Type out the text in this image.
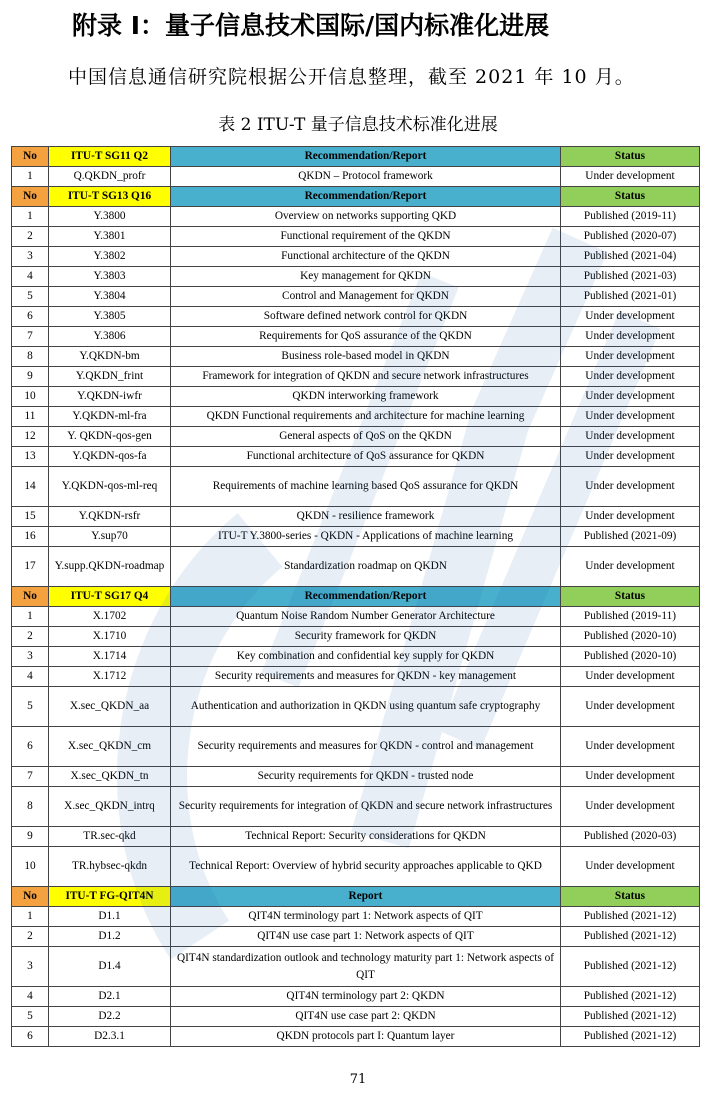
附录 I：量子信息技术国际/国内标准化进展

中国信息通信研究院根据公开信息整理，截至 2021 年 10 月。

表 2 ITU-T 量子信息技术标准化进展
No	ITU-T SG11 Q2	Recommendation/Report	Status
1	Q.QKDN_profr	QKDN – Protocol framework	Under development
No	ITU-T SG13 Q16	Recommendation/Report	Status
1	Y.3800	Overview on networks supporting QKD	Published (2019-11)
2	Y.3801	Functional requirement of the QKDN	Published (2020-07)
3	Y.3802	Functional architecture of the QKDN	Published (2021-04)
4	Y.3803	Key management for QKDN	Published (2021-03)
5	Y.3804	Control and Management for QKDN	Published (2021-01)
6	Y.3805	Software defined network control for QKDN	Under development
7	Y.3806	Requirements for QoS assurance of the QKDN	Under development
8	Y.QKDN-bm	Business role-based model in QKDN	Under development
9	Y.QKDN_frint	Framework for integration of QKDN and secure network infrastructures	Under development
10	Y.QKDN-iwfr	QKDN interworking framework	Under development
11	Y.QKDN-ml-fra	QKDN Functional requirements and architecture for machine learning	Under development
12	Y. QKDN-qos-gen	General aspects of QoS on the QKDN	Under development
13	Y.QKDN-qos-fa	Functional architecture of QoS assurance for QKDN	Under development
14	Y.QKDN-qos-ml-req	Requirements of machine learning based QoS assurance for QKDN	Under development
15	Y.QKDN-rsfr	QKDN - resilience framework	Under development
16	Y.sup70	ITU-T Y.3800-series - QKDN - Applications of machine learning	Published (2021-09)
17	Y.supp.QKDN-roadmap	Standardization roadmap on QKDN	Under development
No	ITU-T SG17 Q4	Recommendation/Report	Status
1	X.1702	Quantum Noise Random Number Generator Architecture	Published (2019-11)
2	X.1710	Security framework for QKDN	Published (2020-10)
3	X.1714	Key combination and confidential key supply for QKDN	Published (2020-10)
4	X.1712	Security requirements and measures for QKDN - key management	Under development
5	X.sec_QKDN_aa	Authentication and authorization in QKDN using quantum safe cryptography	Under development
6	X.sec_QKDN_cm	Security requirements and measures for QKDN - control and management	Under development
7	X.sec_QKDN_tn	Security requirements for QKDN - trusted node	Under development
8	X.sec_QKDN_intrq	Security requirements for integration of QKDN and secure network infrastructures	Under development
9	TR.sec-qkd	Technical Report: Security considerations for QKDN	Published (2020-03)
10	TR.hybsec-qkdn	Technical Report: Overview of hybrid security approaches applicable to QKD	Under development
No	ITU-T FG-QIT4N	Report	Status
1	D1.1	QIT4N terminology part 1: Network aspects of QIT	Published (2021-12)
2	D1.2	QIT4N use case part 1: Network aspects of QIT	Published (2021-12)
3	D1.4	QIT4N standardization outlook and technology maturity part 1: Network aspects of QIT	Published (2021-12)
4	D2.1	QIT4N terminology part 2: QKDN	Published (2021-12)
5	D2.2	QIT4N use case part 2: QKDN	Published (2021-12)
6	D2.3.1	QKDN protocols part I: Quantum layer	Published (2021-12)
71
